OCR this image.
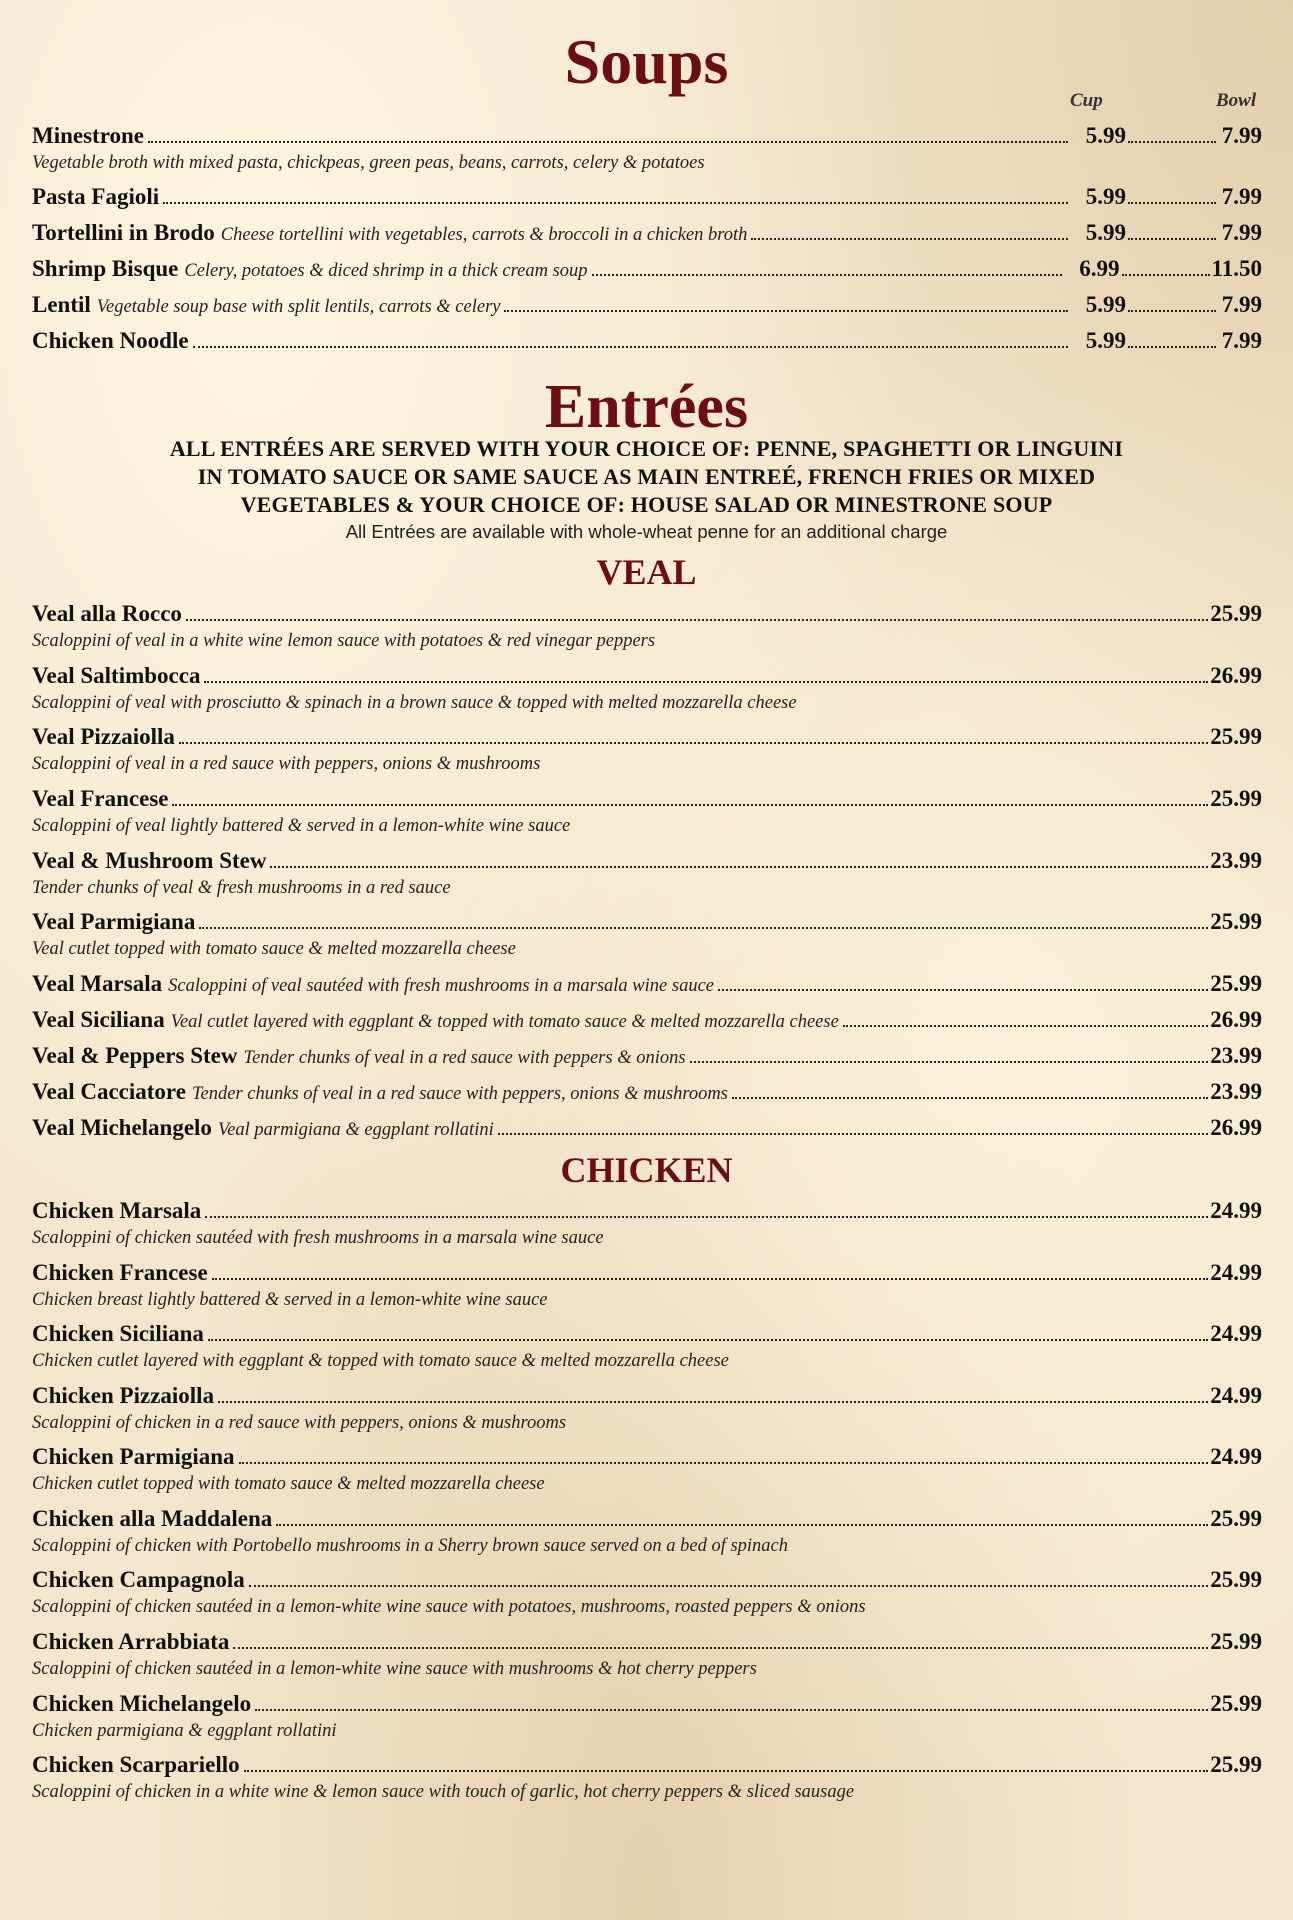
Soups
Cup	Bowl
Minestrone	5.99	7.99
Vegetable broth with mixed pasta, chickpeas, green peas, beans, carrots, celery & potatoes
Pasta Fagioli	5.99	7.99
Tortellini in Brodo Cheese tortellini with vegetables, carrots & broccoli in a chicken broth	5.99	7.99
Shrimp Bisque Celery, potatoes & diced shrimp in a thick cream soup	6.99	11.50
Lentil Vegetable soup base with split lentils, carrots & celery	5.99	7.99
Chicken Noodle	5.99	7.99
Entrées

ALL ENTRÉES ARE SERVED WITH YOUR CHOICE OF: PENNE, SPAGHETTI OR LINGUINI

IN TOMATO SAUCE OR SAME SAUCE AS MAIN ENTREÉ, FRENCH FRIES OR MIXED

VEGETABLES & YOUR CHOICE OF: HOUSE SALAD OR MINESTRONE SOUP

All Entrées are available with whole-wheat penne for an additional charge

VEAL
Veal alla Rocco	25.99
Scaloppini of veal in a white wine lemon sauce with potatoes & red vinegar peppers
Veal Saltimbocca	26.99
Scaloppini of veal with prosciutto & spinach in a brown sauce & topped with melted mozzarella cheese
Veal Pizzaiolla	25.99
Scaloppini of veal in a red sauce with peppers, onions & mushrooms
Veal Francese	25.99
Scaloppini of veal lightly battered & served in a lemon-white wine sauce
Veal & Mushroom Stew	23.99
Tender chunks of veal & fresh mushrooms in a red sauce
Veal Parmigiana	25.99
Veal cutlet topped with tomato sauce & melted mozzarella cheese
Veal Marsala Scaloppini of veal sautéed with fresh mushrooms in a marsala wine sauce	25.99
Veal Siciliana Veal cutlet layered with eggplant & topped with tomato sauce & melted mozzarella cheese	26.99
Veal & Peppers Stew Tender chunks of veal in a red sauce with peppers & onions	23.99
Veal Cacciatore Tender chunks of veal in a red sauce with peppers, onions & mushrooms	23.99
Veal Michelangelo Veal parmigiana & eggplant rollatini	26.99
CHICKEN
Chicken Marsala	24.99
Scaloppini of chicken sautéed with fresh mushrooms in a marsala wine sauce
Chicken Francese	24.99
Chicken breast lightly battered & served in a lemon-white wine sauce
Chicken Siciliana	24.99
Chicken cutlet layered with eggplant & topped with tomato sauce & melted mozzarella cheese
Chicken Pizzaiolla	24.99
Scaloppini of chicken in a red sauce with peppers, onions & mushrooms
Chicken Parmigiana	24.99
Chicken cutlet topped with tomato sauce & melted mozzarella cheese
Chicken alla Maddalena	25.99
Scaloppini of chicken with Portobello mushrooms in a Sherry brown sauce served on a bed of spinach
Chicken Campagnola	25.99
Scaloppini of chicken sautéed in a lemon-white wine sauce with potatoes, mushrooms, roasted peppers & onions
Chicken Arrabbiata	25.99
Scaloppini of chicken sautéed in a lemon-white wine sauce with mushrooms & hot cherry peppers
Chicken Michelangelo	25.99
Chicken parmigiana & eggplant rollatini
Chicken Scarpariello	25.99
Scaloppini of chicken in a white wine & lemon sauce with touch of garlic, hot cherry peppers & sliced sausage
